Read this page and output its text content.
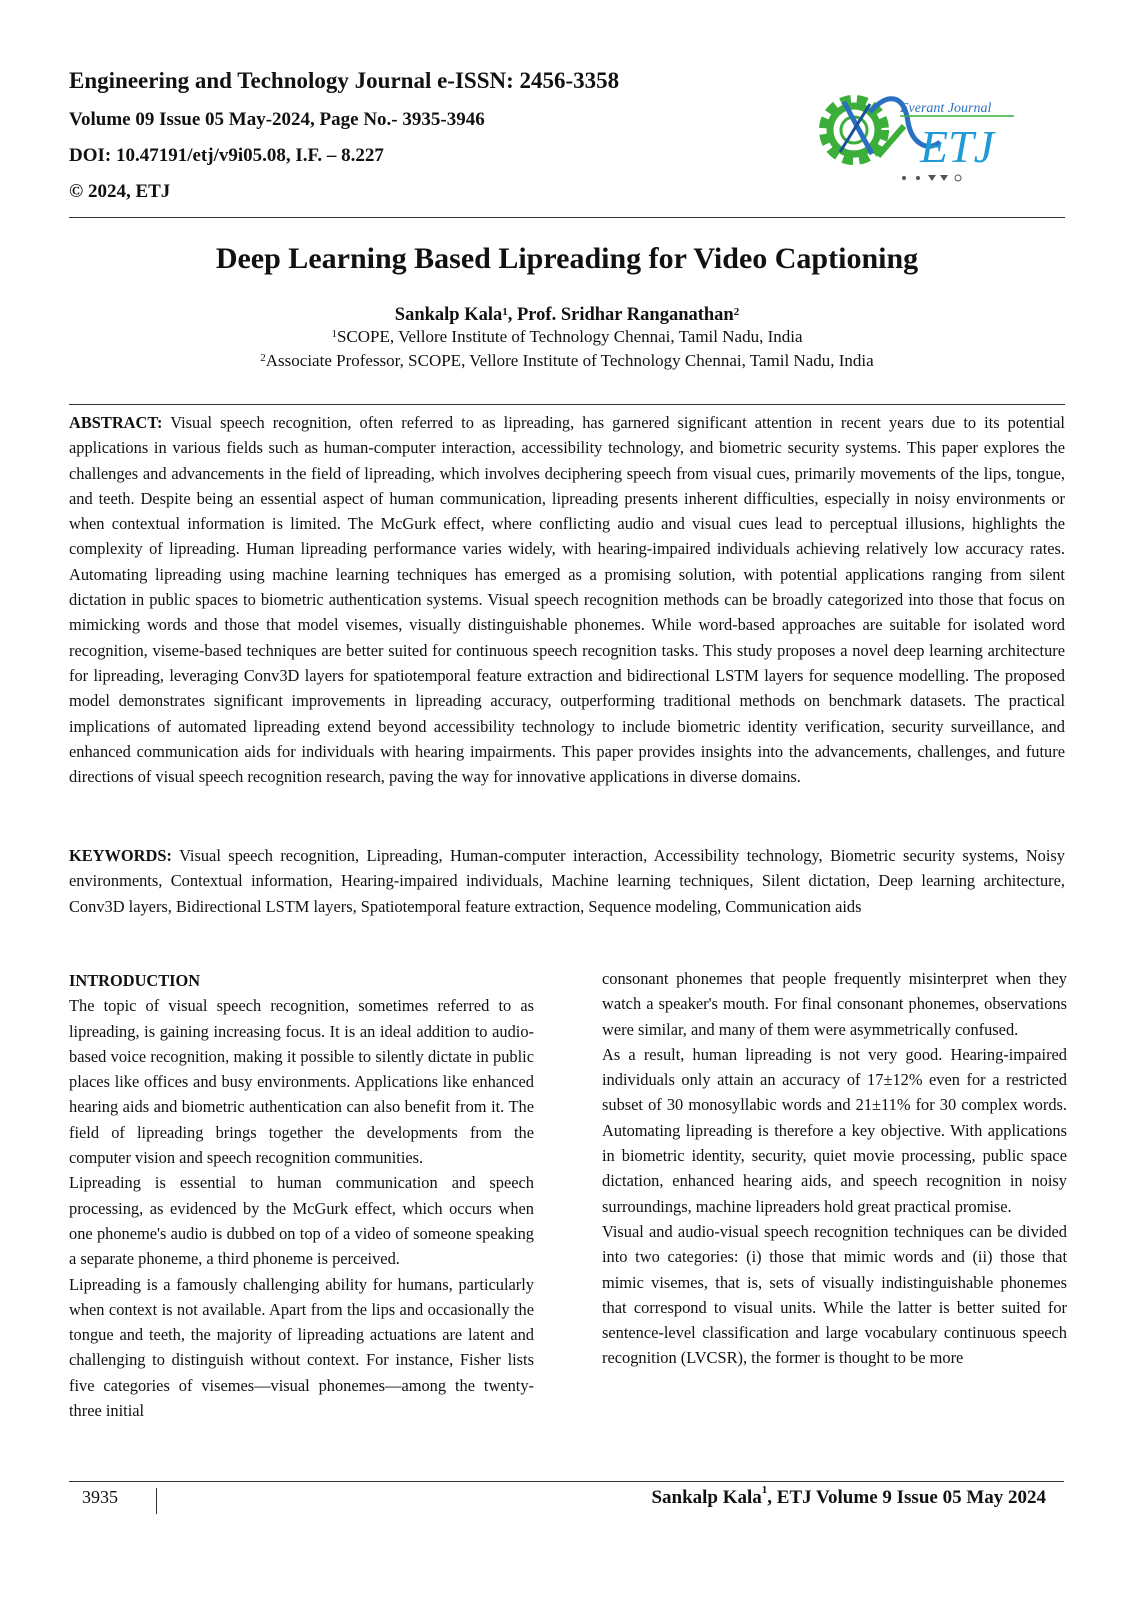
Engineering and Technology Journal e-ISSN: 2456-3358

Volume 09 Issue 05 May-2024, Page No.- 3935-3946

DOI: 10.47191/etj/v9i05.08, I.F. – 8.227

© 2024, ETJ

Everant Journal
ETJ
Deep Learning Based Lipreading for Video Captioning
Sankalp Kala$^1$, Prof. Sridhar Ranganathan$^2$
$^1$SCOPE, Vellore Institute of Technology Chennai, Tamil Nadu, India
$^2$Associate Professor, SCOPE, Vellore Institute of Technology Chennai, Tamil Nadu, India

ABSTRACT: Visual speech recognition, often referred to as lipreading, has garnered significant attention in recent years due to its potential applications in various fields such as human-computer interaction, accessibility technology, and biometric security systems. This paper explores the challenges and advancements in the field of lipreading, which involves deciphering speech from visual cues, primarily movements of the lips, tongue, and teeth. Despite being an essential aspect of human communication, lipreading presents inherent difficulties, especially in noisy environments or when contextual information is limited. The McGurk effect, where conflicting audio and visual cues lead to perceptual illusions, highlights the complexity of lipreading. Human lipreading performance varies widely, with hearing-impaired individuals achieving relatively low accuracy rates. Automating lipreading using machine learning techniques has emerged as a promising solution, with potential applications ranging from silent dictation in public spaces to biometric authentication systems. Visual speech recognition methods can be broadly categorized into those that focus on mimicking words and those that model visemes, visually distinguishable phonemes. While word-based approaches are suitable for isolated word recognition, viseme-based techniques are better suited for continuous speech recognition tasks. This study proposes a novel deep learning architecture for lipreading, leveraging Conv3D layers for spatiotemporal feature extraction and bidirectional LSTM layers for sequence modelling. The proposed model demonstrates significant improvements in lipreading accuracy, outperforming traditional methods on benchmark datasets. The practical implications of automated lipreading extend beyond accessibility technology to include biometric identity verification, security surveillance, and enhanced communication aids for individuals with hearing impairments. This paper provides insights into the advancements, challenges, and future directions of visual speech recognition research, paving the way for innovative applications in diverse domains.

KEYWORDS: Visual speech recognition, Lipreading, Human-computer interaction, Accessibility technology, Biometric security systems, Noisy environments, Contextual information, Hearing-impaired individuals, Machine learning techniques, Silent dictation, Deep learning architecture, Conv3D layers, Bidirectional LSTM layers, Spatiotemporal feature extraction, Sequence modeling, Communication aids

INTRODUCTION

The topic of visual speech recognition, sometimes referred to as lipreading, is gaining increasing focus. It is an ideal addition to audio-based voice recognition, making it possible to silently dictate in public places like offices and busy environments. Applications like enhanced hearing aids and biometric authentication can also benefit from it. The field of lipreading brings together the developments from the computer vision and speech recognition communities.

Lipreading is essential to human communication and speech processing, as evidenced by the McGurk effect, which occurs when one phoneme's audio is dubbed on top of a video of someone speaking a separate phoneme, a third phoneme is perceived.

Lipreading is a famously challenging ability for humans, particularly when context is not available. Apart from the lips and occasionally the tongue and teeth, the majority of lipreading actuations are latent and challenging to distinguish without context. For instance, Fisher lists five categories of visemes—visual phonemes—among the twenty-three initial

consonant phonemes that people frequently misinterpret when they watch a speaker's mouth. For final consonant phonemes, observations were similar, and many of them were asymmetrically confused.

As a result, human lipreading is not very good. Hearing-impaired individuals only attain an accuracy of 17±12% even for a restricted subset of 30 monosyllabic words and 21±11% for 30 complex words. Automating lipreading is therefore a key objective. With applications in biometric identity, security, quiet movie processing, public space dictation, enhanced hearing aids, and speech recognition in noisy surroundings, machine lipreaders hold great practical promise.

Visual and audio-visual speech recognition techniques can be divided into two categories: (i) those that mimic words and (ii) those that mimic visemes, that is, sets of visually indistinguishable phonemes that correspond to visual units. While the latter is better suited for sentence-level classification and large vocabulary continuous speech recognition (LVCSR), the former is thought to be more

3935	Sankalp Kala$^1$, ETJ Volume 9 Issue 05 May 2024
